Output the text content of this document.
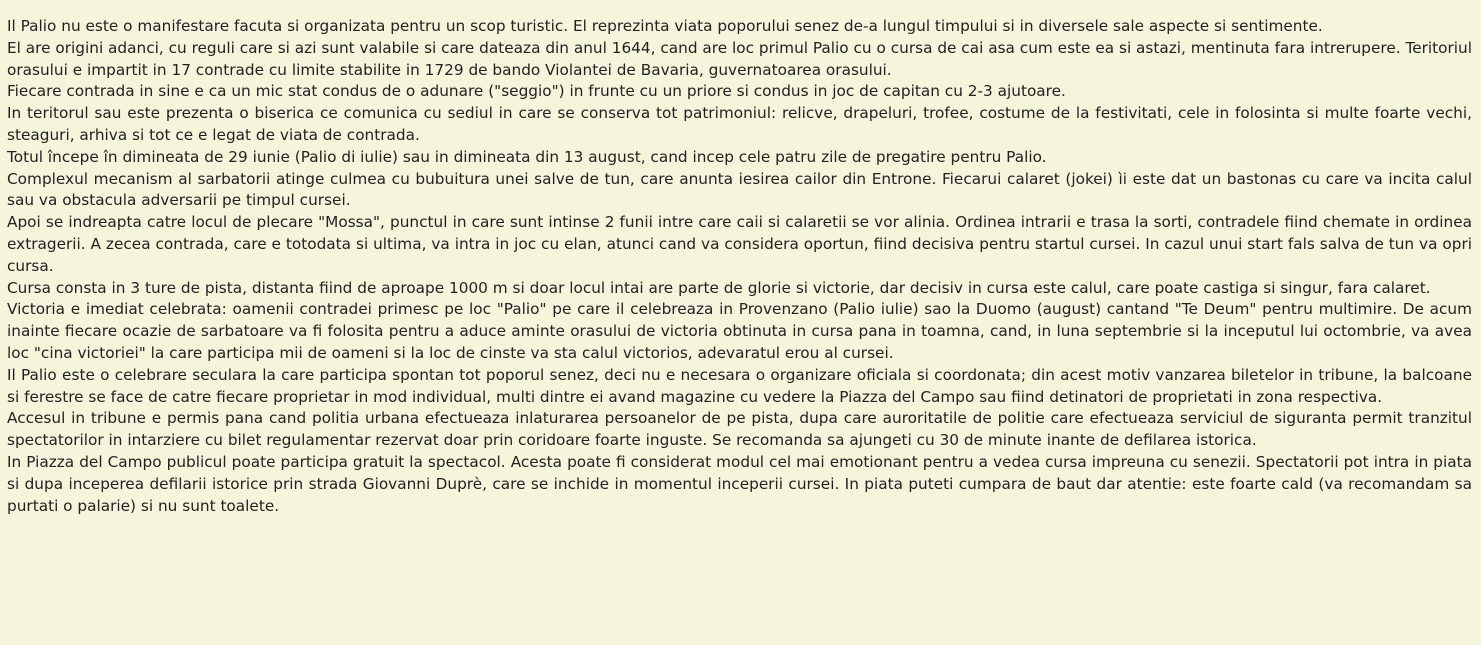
Il Palio nu este o manifestare facuta si organizata pentru un scop turistic. El reprezinta viata poporului senez de-a lungul timpului si in diversele sale aspecte si sentimente.

El are origini adanci, cu reguli care si azi sunt valabile si care dateaza din anul 1644, cand are loc primul Palio cu o cursa de cai asa cum este ea si astazi, mentinuta fara intrerupere. Teritoriul orasului e impartit in 17 contrade cu limite stabilite in 1729 de bando Violantei de Bavaria, guvernatoarea orasului.

Fiecare contrada in sine e ca un mic stat condus de o adunare ("seggio") in frunte cu un priore si condus in joc de capitan cu 2-3 ajutoare.

In teritorul sau este prezenta o biserica ce comunica cu sediul in care se conserva tot patrimoniul: relicve, drapeluri, trofee, costume de la festivitati, cele in folosinta si multe foarte vechi, steaguri, arhiva si tot ce e legat de viata de contrada.

Totul începe în dimineata de 29 iunie (Palio di iulie) sau in dimineata din 13 august, cand incep cele patru zile de pregatire pentru Palio.

Complexul mecanism al sarbatorii atinge culmea cu bubuitura unei salve de tun, care anunta iesirea cailor din Entrone. Fiecarui calaret (jokei) ìi este dat un bastonas cu care va incita calul sau va obstacula adversarii pe timpul cursei.

Apoi se indreapta catre locul de plecare "Mossa", punctul in care sunt intinse 2 funii intre care caii si calaretii se vor alinia. Ordinea intrarii e trasa la sorti, contradele fiind chemate in ordinea extragerii. A zecea contrada, care e totodata si ultima, va intra in joc cu elan, atunci cand va considera oportun, fiind decisiva pentru startul cursei. In cazul unui start fals salva de tun va opri cursa.

Cursa consta in 3 ture de pista, distanta fiind de aproape 1000 m si doar locul intai are parte de glorie si victorie, dar decisiv in cursa este calul, care poate castiga si singur, fara calaret.

Victoria e imediat celebrata: oamenii contradei primesc pe loc "Palio" pe care il celebreaza in Provenzano (Palio iulie) sao la Duomo (august) cantand "Te Deum" pentru multimire. De acum inainte fiecare ocazie de sarbatoare va fi folosita pentru a aduce aminte orasului de victoria obtinuta in cursa pana in toamna, cand, in luna septembrie si la inceputul lui octombrie, va avea loc "cina victoriei" la care participa mii de oameni si la loc de cinste va sta calul victorios, adevaratul erou al cursei.

Il Palio este o celebrare seculara la care participa spontan tot poporul senez, deci nu e necesara o organizare oficiala si coordonata; din acest motiv vanzarea biletelor in tribune, la balcoane si ferestre se face de catre fiecare proprietar in mod individual, multi dintre ei avand magazine cu vedere la Piazza del Campo sau fiind detinatori de proprietati in zona respectiva.

Accesul in tribune e permis pana cand politia urbana efectueaza inlaturarea persoanelor de pe pista, dupa care auroritatile de politie care efectueaza serviciul de siguranta permit tranzitul spectatorilor in intarziere cu bilet regulamentar rezervat doar prin coridoare foarte inguste. Se recomanda sa ajungeti cu 30 de minute inante de defilarea istorica.

In Piazza del Campo publicul poate participa gratuit la spectacol. Acesta poate fi considerat modul cel mai emotionant pentru a vedea cursa impreuna cu senezii. Spectatorii pot intra in piata si dupa inceperea defilarii istorice prin strada Giovanni Duprè, care se inchide in momentul inceperii cursei. In piata puteti cumpara de baut dar atentie: este foarte cald (va recomandam sa purtati o palarie) si nu sunt toalete.
